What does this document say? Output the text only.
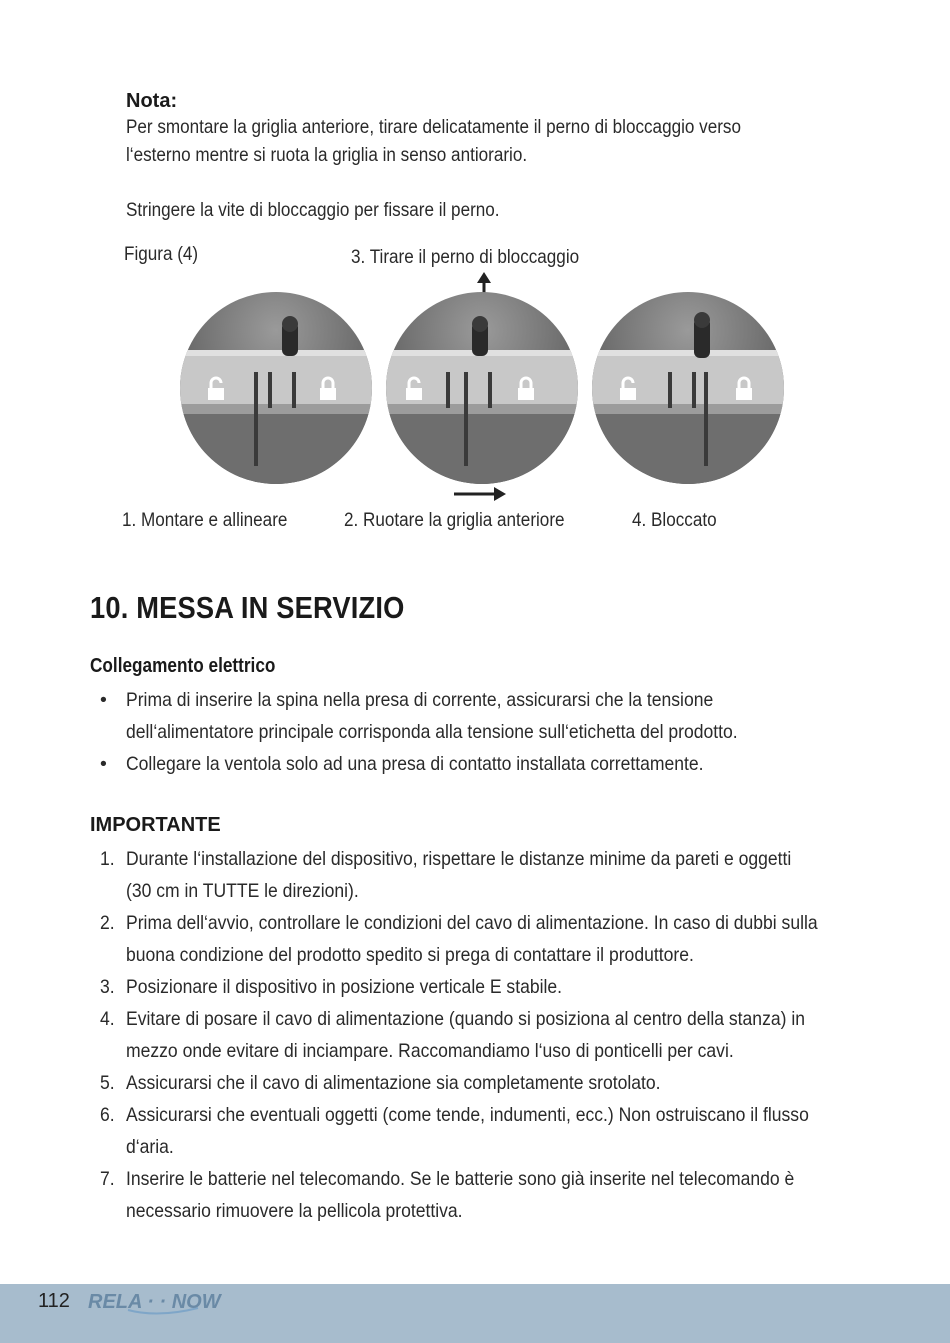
Nota:
Per smontare la griglia anteriore, tirare delicatamente il perno di bloccaggio verso
l‘esterno mentre si ruota la griglia in senso antiorario.
Stringere la vite di bloccaggio per fissare il perno.
Figura (4)	3. Tirare il perno di bloccaggio
1. Montare e allineare	2. Ruotare la griglia anteriore	4. Bloccato
10. MESSA IN SERVIZIO
Collegamento elettrico
• Prima di inserire la spina nella presa di corrente, assicurarsi che la tensione
dell‘alimentatore principale corrisponda alla tensione sull‘etichetta del prodotto.
• Collegare la ventola solo ad una presa di contatto installata correttamente.
IMPORTANTE
1. Durante l‘installazione del dispositivo, rispettare le distanze minime da pareti e oggetti
(30 cm in TUTTE le direzioni).
2. Prima dell‘avvio, controllare le condizioni del cavo di alimentazione. In caso di dubbi sulla
buona condizione del prodotto spedito si prega di contattare il produttore.
3. Posizionare il dispositivo in posizione verticale E stabile.
4. Evitare di posare il cavo di alimentazione (quando si posiziona al centro della stanza) in
mezzo onde evitare di inciampare. Raccomandiamo l‘uso di ponticelli per cavi.
5. Assicurarsi che il cavo di alimentazione sia completamente srotolato.
6. Assicurarsi che eventuali oggetti (come tende, indumenti, ecc.) Non ostruiscano il flusso
d‘aria.
7. Inserire le batterie nel telecomando. Se le batterie sono già inserite nel telecomando è
necessario rimuovere la pellicola protettiva.
112 RELA · · NOW
